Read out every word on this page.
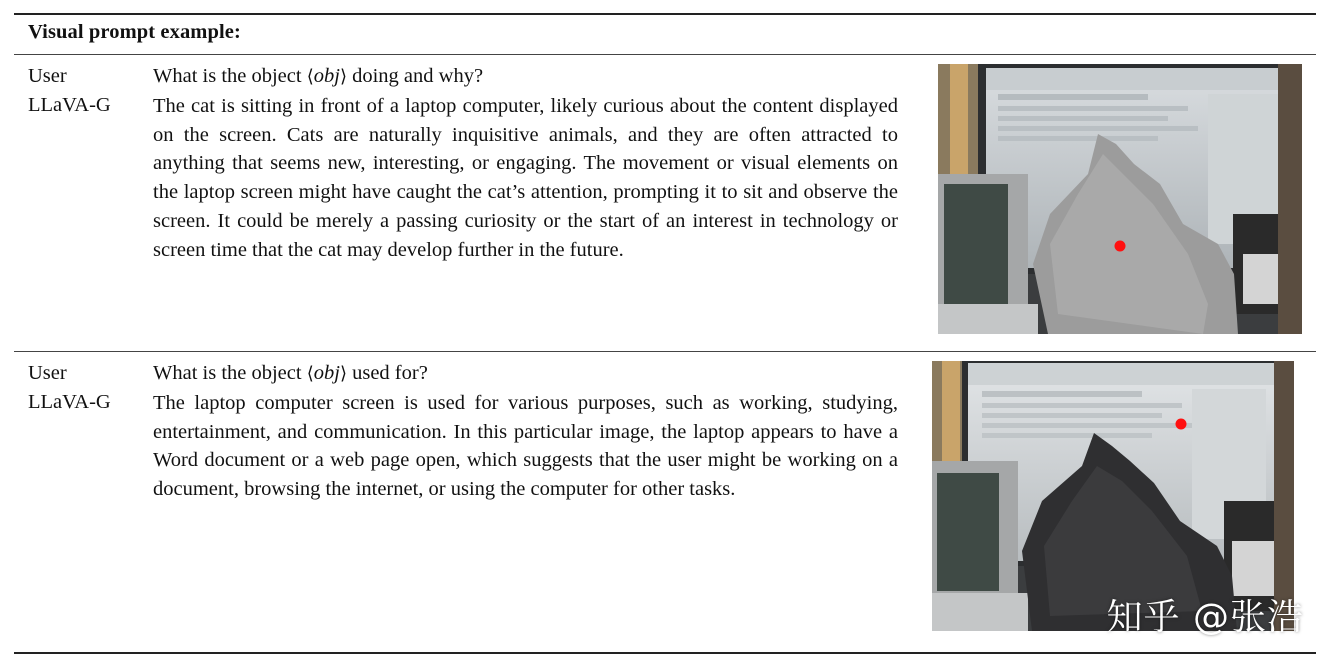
Visual prompt example:
User
LLaVA-G
What is the object ⟨obj⟩ doing and why?
The cat is sitting in front of a laptop computer, likely curious about the content displayed on the screen. Cats are naturally inquisitive animals, and they are often attracted to anything that seems new, interesting, or engaging. The movement or visual elements on the laptop screen might have caught the cat’s attention, prompting it to sit and observe the screen. It could be merely a passing curiosity or the start of an interest in technology or screen time that the cat may develop further in the future.
User
LLaVA-G
What is the object ⟨obj⟩ used for?
The laptop computer screen is used for various purposes, such as working, studying, entertainment, and communication. In this particular image, the laptop appears to have a Word document or a web page open, which suggests that the user might be working on a document, browsing the internet, or using the computer for other tasks.
知乎 @张浩
